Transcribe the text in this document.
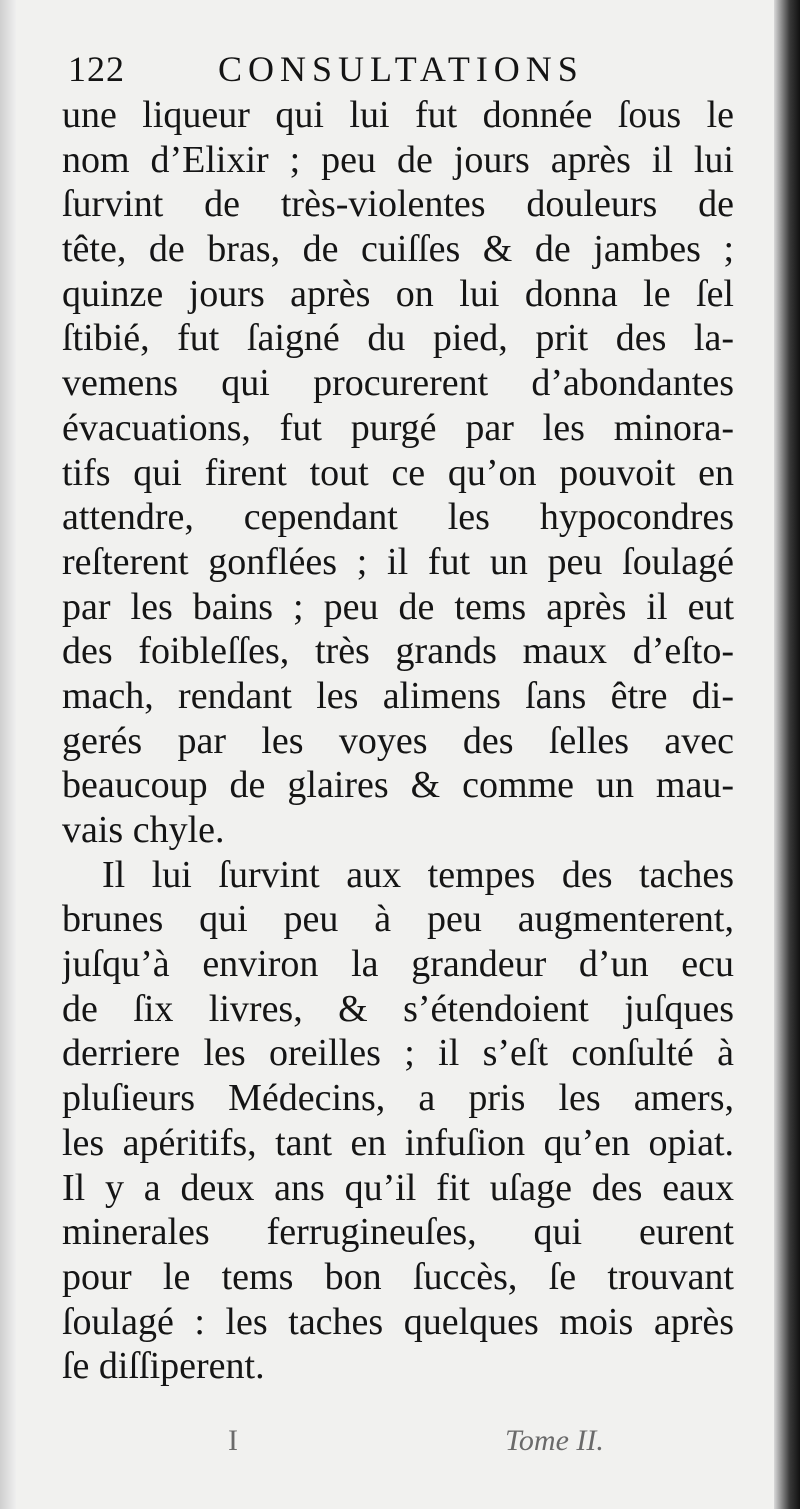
122	CONSULTATIONS
une liqueur qui lui fut donnée ſous le
nom d’Elixir ; peu de jours après il lui
ſurvint de très-violentes douleurs de
tête, de bras, de cuiſſes & de jambes ;
quinze jours après on lui donna le ſel
ſtibié, fut ſaigné du pied, prit des la-
vemens qui procurerent d’abondantes
évacuations, fut purgé par les minora-
tifs qui firent tout ce qu’on pouvoit en
attendre, cependant les hypocondres
reſterent gonflées ; il fut un peu ſoulagé
par les bains ; peu de tems après il eut
des foibleſſes, très grands maux d’eſto-
mach, rendant les alimens ſans être di-
gerés par les voyes des ſelles avec
beaucoup de glaires & comme un mau-
vais chyle.
Il lui ſurvint aux tempes des taches
brunes qui peu à peu augmenterent,
juſqu’à environ la grandeur d’un ecu
de ſix livres, & s’étendoient juſques
derriere les oreilles ; il s’eſt conſulté à
pluſieurs Médecins, a pris les amers,
les apéritifs, tant en infuſion qu’en opiat.
Il y a deux ans qu’il fit uſage des eaux
minerales ferrugineuſes, qui eurent
pour le tems bon ſuccès, ſe trouvant
ſoulagé : les taches quelques mois après
ſe diſſiperent.
I	Tome II.
